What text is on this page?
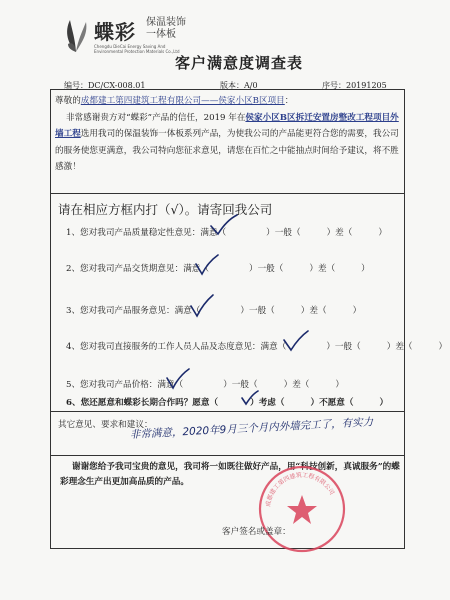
蝶彩 保温装饰
一体板
Chengdu DieCai Energy Saving And Environmental Protection Materials Co.,Ltd
客户满意度调查表
编号：DC/CX-008.01	版本：A/0	序号：20191205

尊敬的成都建工第四建筑工程有限公司——侯家小区B区项目：

非常感谢贵方对“蝶彩”产品的信任，2019 年在侯家小区B区拆迁安置房整改工程项目外墙工程选用我司的保温装饰一体板系列产品，为使我公司的产品能更符合您的需要，我公司的服务使您更满意，我公司特向您征求意见，请您在百忙之中能抽点时间给予建议，将不胜感激！

请在相应方框内打（√）。请寄回我公司
1、您对我司产品质量稳定性意见：满意（	）一般（	）差（	）
2、您对我司产品交货期意见：满意（	）一般（	）差（	）
3、您对我司产品服务意见：满意（	）一般（	）差（	）
4、您对我司直接服务的工作人员人品及态度意见：满意（	）一般（	）差（	）
5、您对我司产品价格：满意（	）一般（	）差（	）
6、您还愿意和蝶彩长期合作吗？愿意（	）考虑（	）不愿意（	）
其它意见、要求和建议：
非常满意，2020年9月三个月内外墙完工了，有实力

谢谢您给予我司宝贵的意见，我司将一如既往做好产品，用“科技创新，真诚服务”的蝶彩理念生产出更加高品质的产品。

成都建工第四建筑工程有限公司
客户签名或盖章：
